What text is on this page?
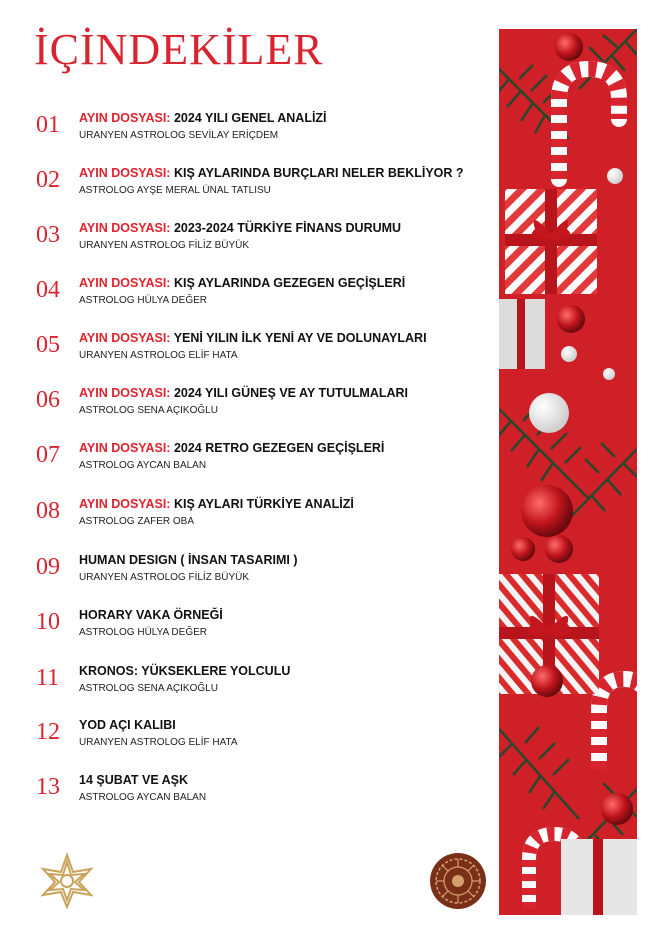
İÇİNDEKİLER
01 AYIN DOSYASI: 2024 YILI GENEL ANALİZİ
URANYEN ASTROLOG SEVİLAY ERİÇDEM
02 AYIN DOSYASI: KIŞ AYLARINDA BURÇLARI NELER BEKLİYOR ?
ASTROLOG AYŞE MERAL ÜNAL TATLISU
03 AYIN DOSYASI: 2023-2024 TÜRKİYE FİNANS DURUMU
URANYEN ASTROLOG FİLİZ BÜYÜK
04 AYIN DOSYASI: KIŞ AYLARINDA GEZEGEN GEÇİŞLERİ
ASTROLOG HÜLYA DEĞER
05 AYIN DOSYASI: YENİ YILIN İLK YENİ AY VE DOLUNAYLARI
URANYEN ASTROLOG ELİF HATA
06 AYIN DOSYASI: 2024 YILI GÜNEŞ VE AY TUTULMALARI
ASTROLOG SENA AÇIKOĞLU
07 AYIN DOSYASI: 2024 RETRO GEZEGEN GEÇİŞLERİ
ASTROLOG AYCAN BALAN
08 AYIN DOSYASI: KIŞ AYLARI TÜRKİYE ANALİZİ
ASTROLOG ZAFER OBA
09 HUMAN DESIGN ( İNSAN TASARIMI )
URANYEN ASTROLOG FİLİZ BÜYÜK
10 HORARY VAKA ÖRNEĞİ
ASTROLOG HÜLYA DEĞER
11 KRONOS: YÜKSEKLERE YOLCULU
ASTROLOG SENA AÇIKOĞLU
12 YOD AÇI KALIBI
URANYEN ASTROLOG ELİF HATA
13 14 ŞUBAT VE AŞK
ASTROLOG AYCAN BALAN
